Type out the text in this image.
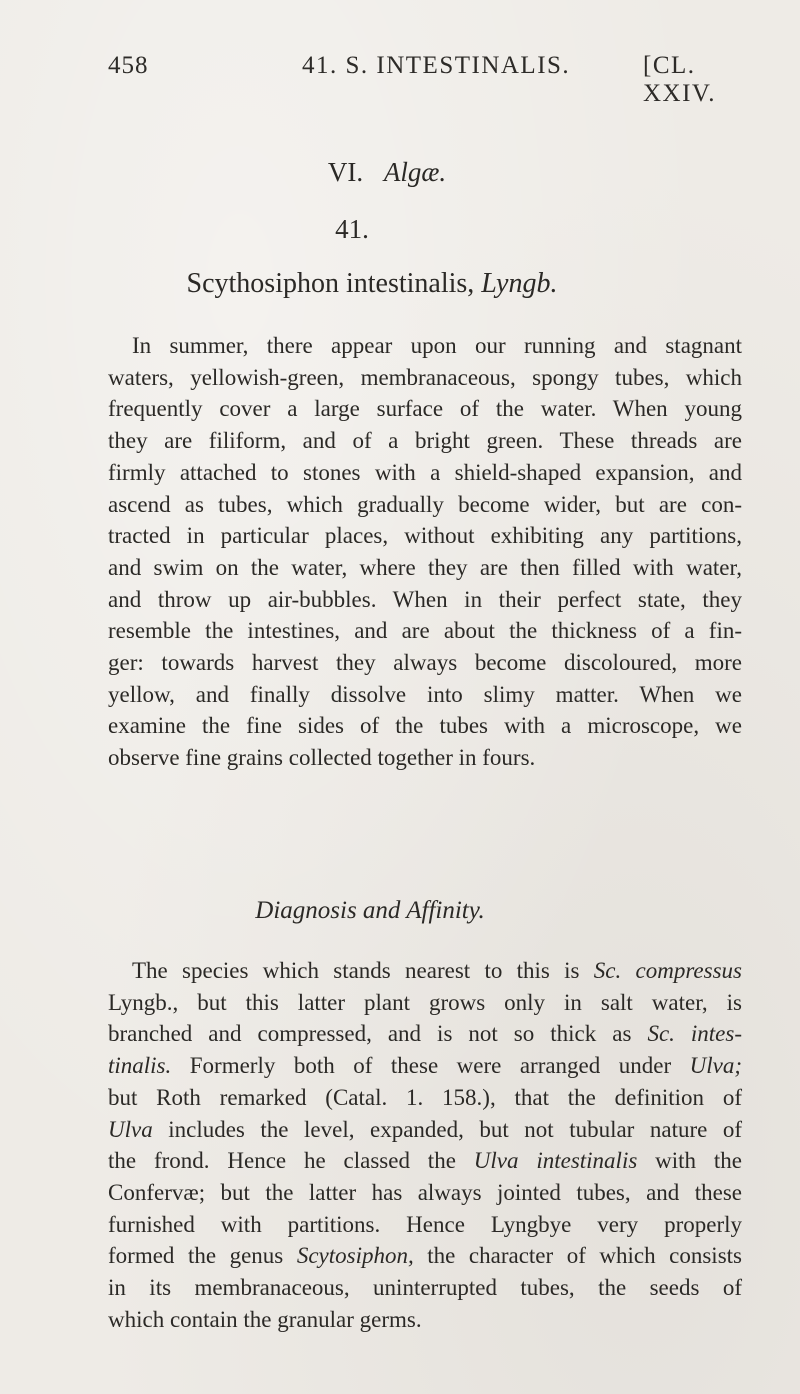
458	41. S. INTESTINALIS.	[CL. XXIV.
VI. Algæ.
41.
Scythosiphon intestinalis, Lyngb.

In summer, there appear upon our running and stagnant
waters, yellowish-green, membranaceous, spongy tubes, which
frequently cover a large surface of the water. When young
they are filiform, and of a bright green. These threads are
firmly attached to stones with a shield-shaped expansion, and
ascend as tubes, which gradually become wider, but are con-
tracted in particular places, without exhibiting any partitions,
and swim on the water, where they are then filled with water,
and throw up air-bubbles. When in their perfect state, they
resemble the intestines, and are about the thickness of a fin-
ger: towards harvest they always become discoloured, more
yellow, and finally dissolve into slimy matter. When we
examine the fine sides of the tubes with a microscope, we
observe fine grains collected together in fours.

Diagnosis and Affinity.

The species which stands nearest to this is Sc. compressus
Lyngb., but this latter plant grows only in salt water, is
branched and compressed, and is not so thick as Sc. intes-
tinalis. Formerly both of these were arranged under Ulva;
but Roth remarked (Catal. 1. 158.), that the definition of
Ulva includes the level, expanded, but not tubular nature of
the frond. Hence he classed the Ulva intestinalis with the
Confervæ; but the latter has always jointed tubes, and these
furnished with partitions. Hence Lyngbye very properly
formed the genus Scytosiphon, the character of which consists
in its membranaceous, uninterrupted tubes, the seeds of
which contain the granular germs.
